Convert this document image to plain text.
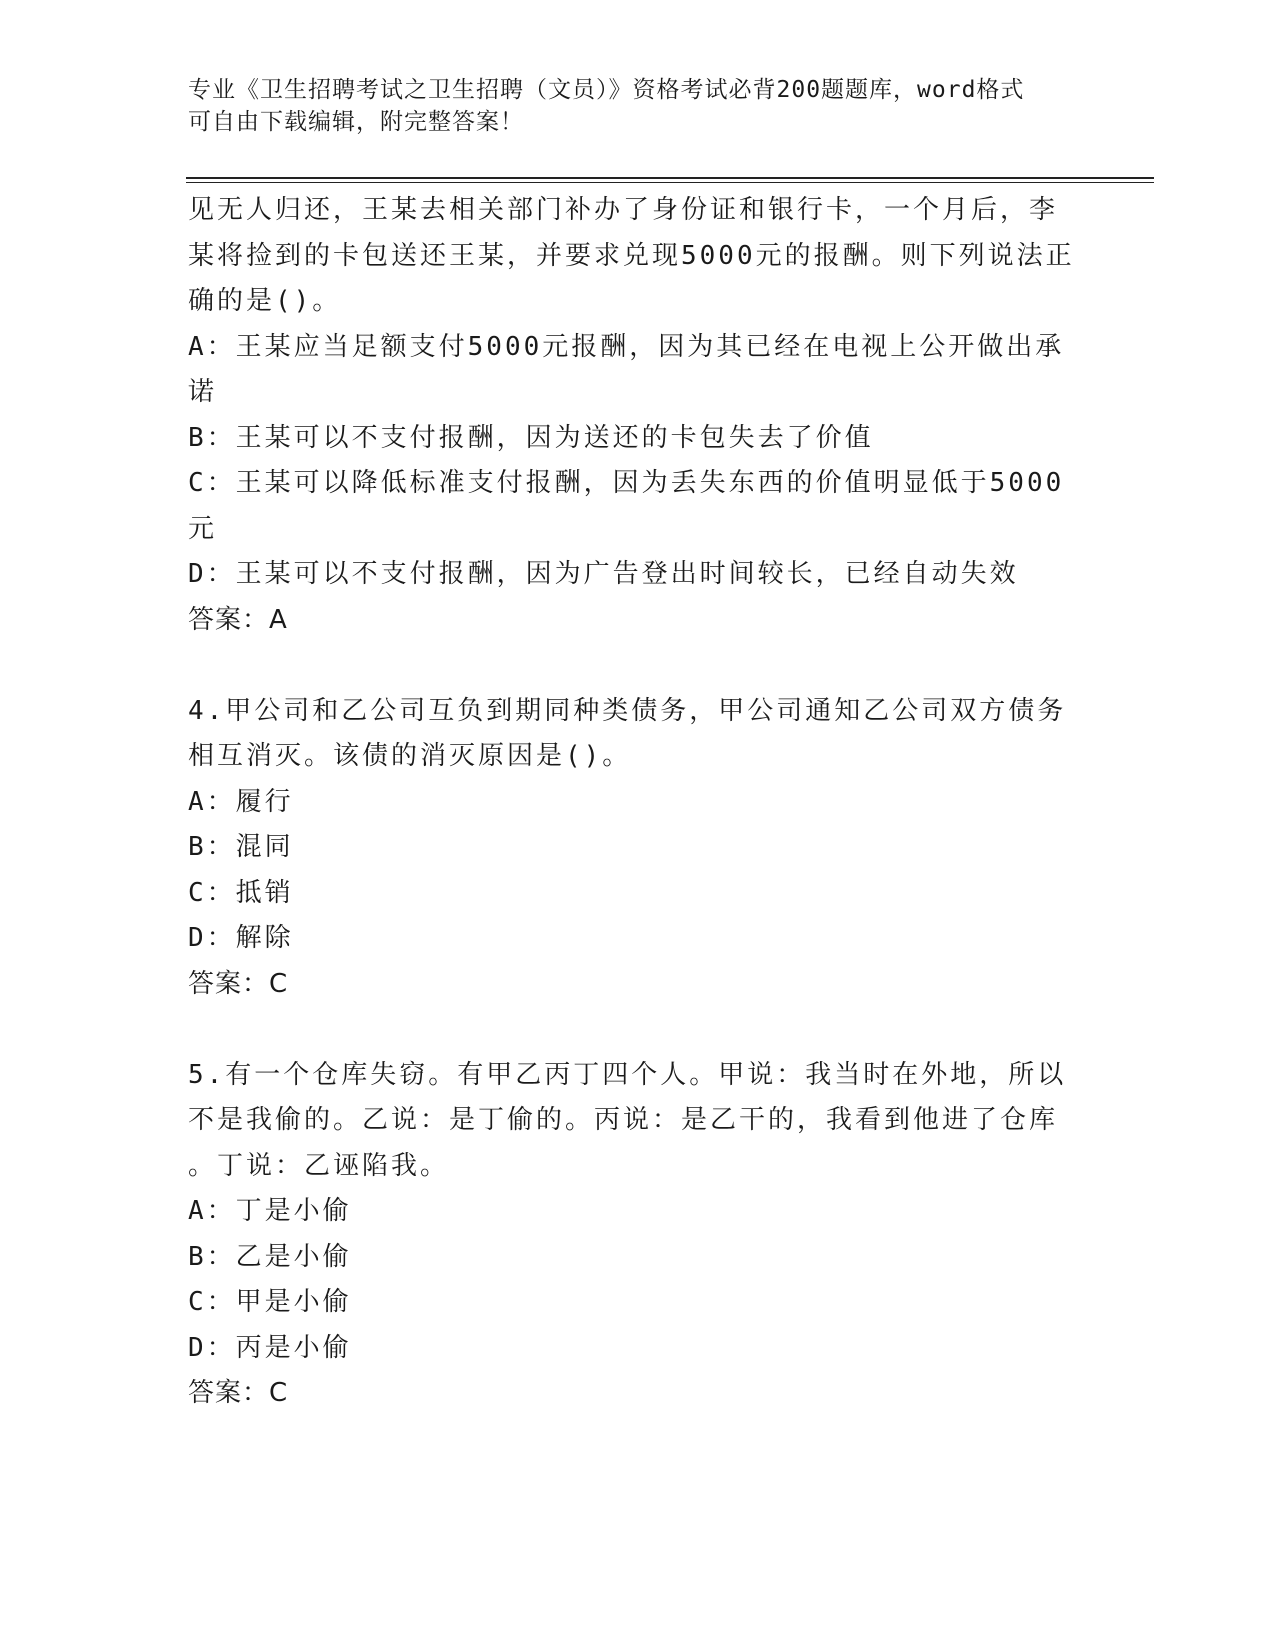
专业《卫生招聘考试之卫生招聘（文员）》资格考试必背200题题库，word格式
可自由下载编辑，附完整答案！
见无人归还，王某去相关部门补办了身份证和银行卡，一个月后，李
某将捡到的卡包送还王某，并要求兑现5000元的报酬。则下列说法正
确的是()。
A：王某应当足额支付5000元报酬，因为其已经在电视上公开做出承
诺
B：王某可以不支付报酬，因为送还的卡包失去了价值
C：王某可以降低标准支付报酬，因为丢失东西的价值明显低于5000
元
D：王某可以不支付报酬，因为广告登出时间较长，已经自动失效
答案：A
4.甲公司和乙公司互负到期同种类债务，甲公司通知乙公司双方债务
相互消灭。该债的消灭原因是()。
A：履行
B：混同
C：抵销
D：解除
答案：C
5.有一个仓库失窃。有甲乙丙丁四个人。甲说：我当时在外地，所以
不是我偷的。乙说：是丁偷的。丙说：是乙干的，我看到他进了仓库
。丁说：乙诬陷我。
A：丁是小偷
B：乙是小偷
C：甲是小偷
D：丙是小偷
答案：C
